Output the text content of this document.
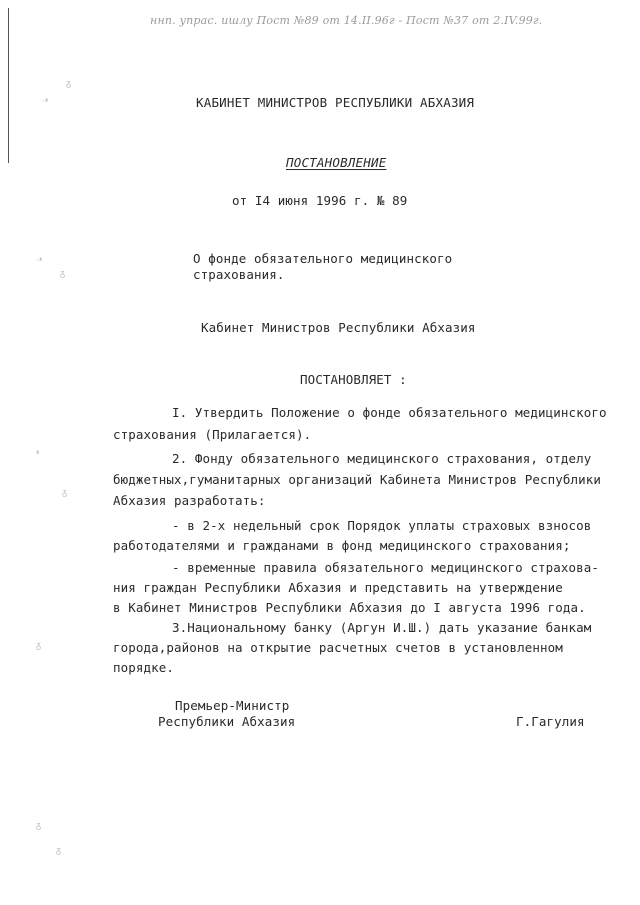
ннn. упрас. ишлу Пост №89 от 14.II.96г - Пост №37 от 2.IV.99г.
ᵹ
·ᵜ
·ᵜ
ᵹ
ᵜ
ᵹ
ᵹ
ᵹ
ᵹ
КАБИНЕТ МИНИСТРОВ РЕСПУБЛИКИ АБХАЗИЯ
ПОСТАНОВЛЕНИЕ
от I4 июня 1996 г. № 89
О фонде обязательного медицинского
страхования.
Кабинет Министров Республики Абхазия
ПОСТАНОВЛЯЕТ :
I. Утвердить Положение о фонде обязательного медицинского
страхования (Прилагается).
2. Фонду обязательного медицинского страхования, отделу
бюджетных,гуманитарных организаций Кабинета Министров Республики
Абхазия разработать:
- в 2-х недельный срок Порядок уплаты страховых взносов
работодателями и гражданами в фонд медицинского страхования;
- временные правила обязательного медицинского страхова-
ния граждан Республики Абхазия и представить на утверждение
в Кабинет Министров Республики Абхазия до I августа 1996 года.
3.Национальному банку (Аргун И.Ш.) дать указание банкам
города,районов на открытие расчетных счетов в установленном
порядке.
Премьер-Министр
Республики Абхазия	Г.Гагулия
